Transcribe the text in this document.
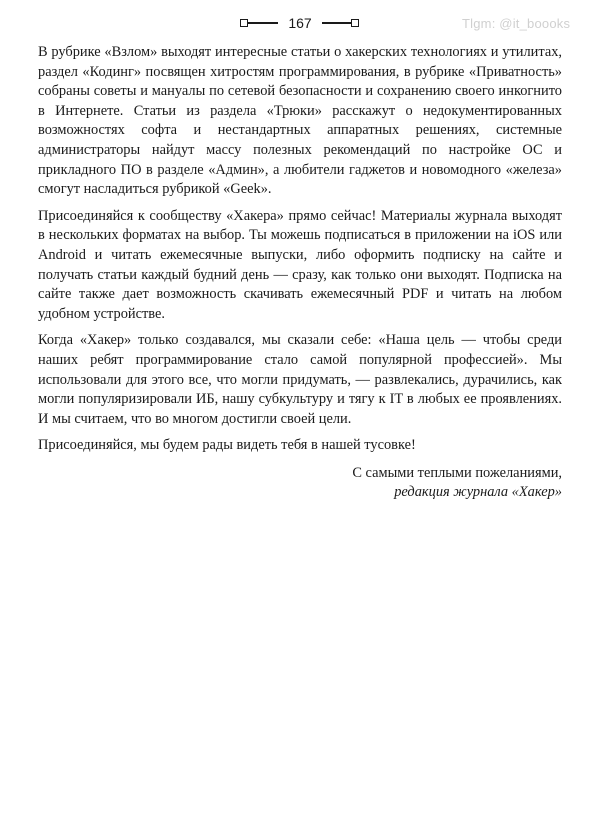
167	Tlgm: @it_boooks

В рубрике «Взлом» выходят интересные статьи о хакерских технологиях и утилитах, раздел «Кодинг» посвящен хитростям программирования, в рубрике «Приватность» собраны советы и мануалы по сетевой безопасности и сохранению своего инкогнито в Интернете. Статьи из раздела «Трюки» расскажут о недокументированных возможностях софта и нестандартных аппаратных решениях, системные администраторы найдут массу полезных рекомендаций по настройке ОС и прикладного ПО в разделе «Админ», а любители гаджетов и новомодного «железа» смогут насладиться рубрикой «Geek».

Присоединяйся к сообществу «Хакера» прямо сейчас! Материалы журнала выходят в нескольких форматах на выбор. Ты можешь подписаться в приложении на iOS или Android и читать ежемесячные выпуски, либо оформить подписку на сайте и получать статьи каждый будний день — сразу, как только они выходят. Подписка на сайте также дает возможность скачивать ежемесячный PDF и читать на любом удобном устройстве.

Когда «Хакер» только создавался, мы сказали себе: «Наша цель — чтобы среди наших ребят программирование стало самой популярной профессией». Мы использовали для этого все, что могли придумать, — развлекались, дурачились, как могли популяризировали ИБ, нашу субкультуру и тягу к IT в любых ее проявлениях. И мы считаем, что во многом достигли своей цели.

Присоединяйся, мы будем рады видеть тебя в нашей тусовке!

С самыми теплыми пожеланиями,
редакция журнала «Хакер»
